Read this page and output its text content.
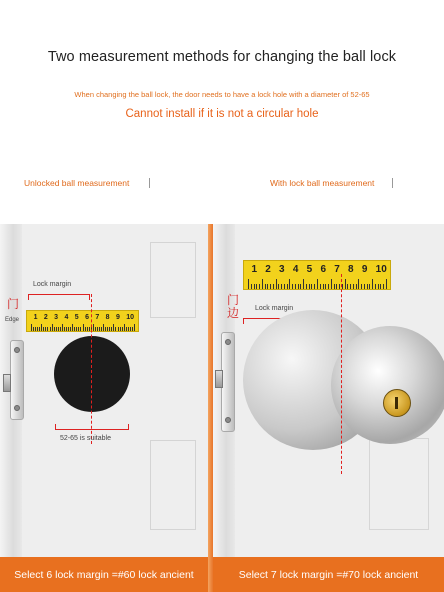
Two measurement methods for changing the ball lock
When changing the ball lock, the door needs to have a lock hole with a diameter of 52-65
Cannot install if it is not a circular hole
Unlocked ball measurement	With lock ball measurement
门
Edge
Lock margin
1 2 3 4 5 6 7 8 9 10
52-65 is suitable
1 2 3 4 5 6 7 8 9 10
门边 Lock margin
Select 6 lock margin =#60 lock ancient	Select 7 lock margin =#70 lock ancient
